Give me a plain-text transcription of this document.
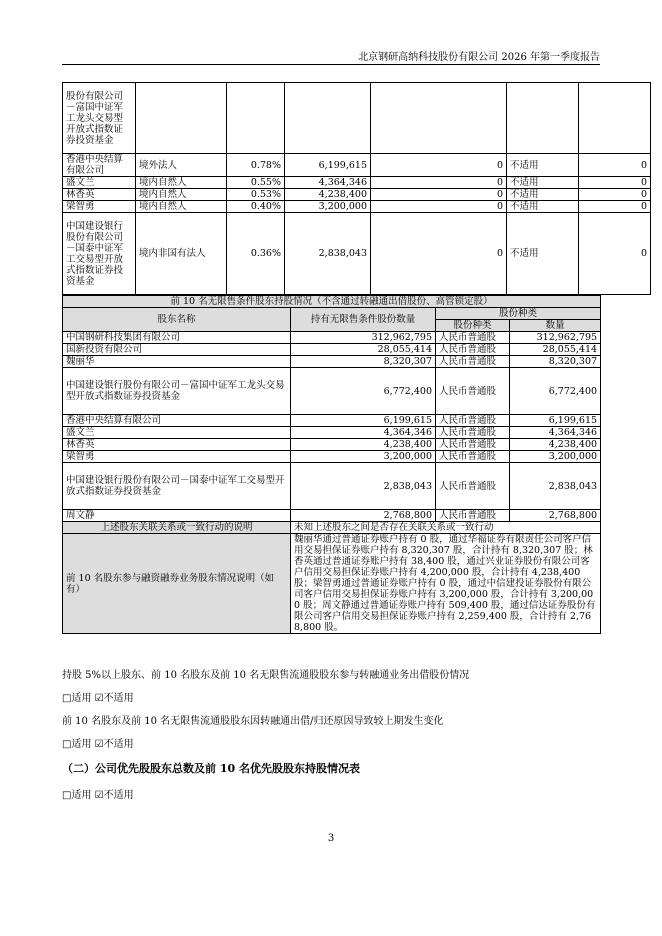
北京钢研高纳科技股份有限公司 2026 年第一季度报告
股份有限公司－富国中证军工龙头交易型开放式指数证券投资基金						
香港中央结算有限公司	境外法人	0.78%	6,199,615	0	不适用	0
盛文兰	境内自然人	0.55%	4,364,346	0	不适用	0
林香英	境内自然人	0.53%	4,238,400	0	不适用	0
梁智勇	境内自然人	0.40%	3,200,000	0	不适用	0
中国建设银行股份有限公司－国泰中证军工交易型开放式指数证券投资基金	境内非国有法人	0.36%	2,838,043	0	不适用	0
前 10 名无限售条件股东持股情况（不含通过转融通出借股份、高管锁定股）			
股东名称	持有无限售条件股份数量	股份种类	
		股份种类	数量
中国钢研科技集团有限公司	312,962,795	人民币普通股	312,962,795
国新投资有限公司	28,055,414	人民币普通股	28,055,414
魏丽华	8,320,307	人民币普通股	8,320,307
中国建设银行股份有限公司－富国中证军工龙头交易型开放式指数证券投资基金	6,772,400	人民币普通股	6,772,400
香港中央结算有限公司	6,199,615	人民币普通股	6,199,615
盛文兰	4,364,346	人民币普通股	4,364,346
林香英	4,238,400	人民币普通股	4,238,400
梁智勇	3,200,000	人民币普通股	3,200,000
中国建设银行股份有限公司－国泰中证军工交易型开放式指数证券投资基金	2,838,043	人民币普通股	2,838,043
周文静	2,768,800	人民币普通股	2,768,800
上述股东关联关系或一致行动的说明	未知上述股东之间是否存在关联关系或一致行动		
前 10 名股东参与融资融券业务股东情况说明（如有）	魏丽华通过普通证券账户持有 0 股，通过华福证券有限责任公司客户信用交易担保证券账户持有 8,320,307 股，合计持有 8,320,307 股；林香英通过普通证券账户持有 38,400 股，通过兴业证券股份有限公司客户信用交易担保证券账户持有 4,200,000 股，合计持有 4,238,400 股；梁智勇通过普通证券账户持有 0 股，通过中信建投证券股份有限公司客户信用交易担保证券账户持有 3,200,000 股，合计持有 3,200,000 股；周文静通过普通证券账户持有 509,400 股，通过信达证券股份有限公司客户信用交易担保证券账户持有 2,259,400 股，合计持有 2,768,800 股。		
持股 5%以上股东、前 10 名股东及前 10 名无限售流通股股东参与转融通业务出借股份情况
□适用 ☑不适用
前 10 名股东及前 10 名无限售流通股股东因转融通出借/归还原因导致较上期发生变化
□适用 ☑不适用
（二）公司优先股股东总数及前 10 名优先股股东持股情况表
□适用 ☑不适用
3
